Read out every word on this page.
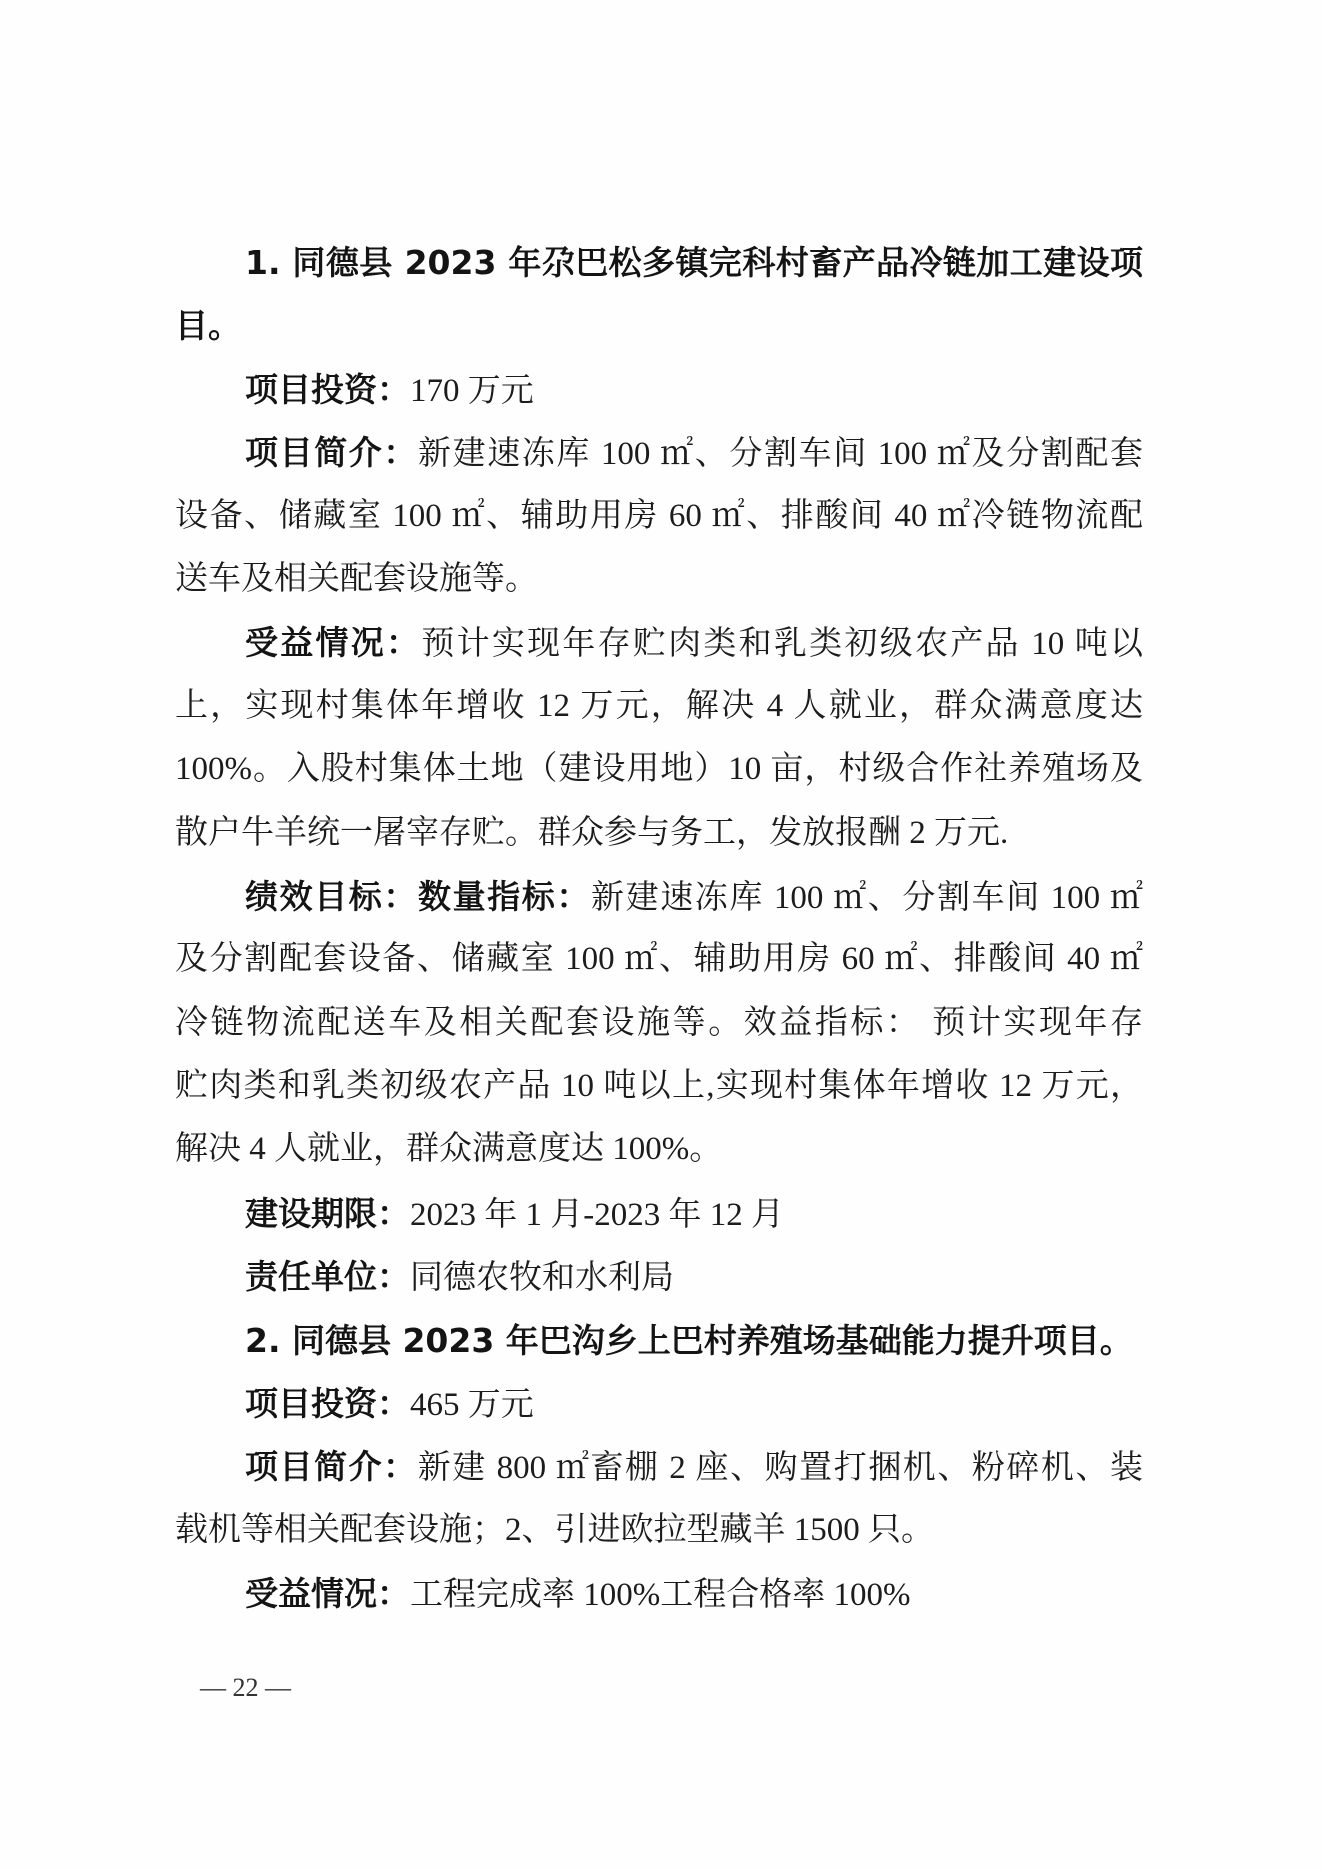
1. 同德县 2023 年尕巴松多镇完科村畜产品冷链加工建设项
目。
项目投资：170 万元
项目简介：新建速冻库 100 ㎡、分割车间 100 ㎡及分割配套
设备、储藏室 100 ㎡、辅助用房 60 ㎡、排酸间 40 ㎡冷链物流配
送车及相关配套设施等。
受益情况：预计实现年存贮肉类和乳类初级农产品 10 吨以
上，实现村集体年增收 12 万元，解决 4 人就业，群众满意度达
100%。入股村集体土地（建设用地）10 亩，村级合作社养殖场及
散户牛羊统一屠宰存贮。群众参与务工，发放报酬 2 万元.
绩效目标：数量指标：新建速冻库 100 ㎡、分割车间 100 ㎡
及分割配套设备、储藏室 100 ㎡、辅助用房 60 ㎡、排酸间 40 ㎡
冷链物流配送车及相关配套设施等。效益指标： 预计实现年存
贮肉类和乳类初级农产品 10 吨以上,实现村集体年增收 12 万元，
解决 4 人就业，群众满意度达 100%。
建设期限：2023 年 1 月-2023 年 12 月
责任单位：同德农牧和水利局
2. 同德县 2023 年巴沟乡上巴村养殖场基础能力提升项目。
项目投资：465 万元
项目简介：新建 800 ㎡畜棚 2 座、购置打捆机、粉碎机、装
载机等相关配套设施；2、引进欧拉型藏羊 1500 只。
受益情况：工程完成率 100%工程合格率 100%
— 22 —
